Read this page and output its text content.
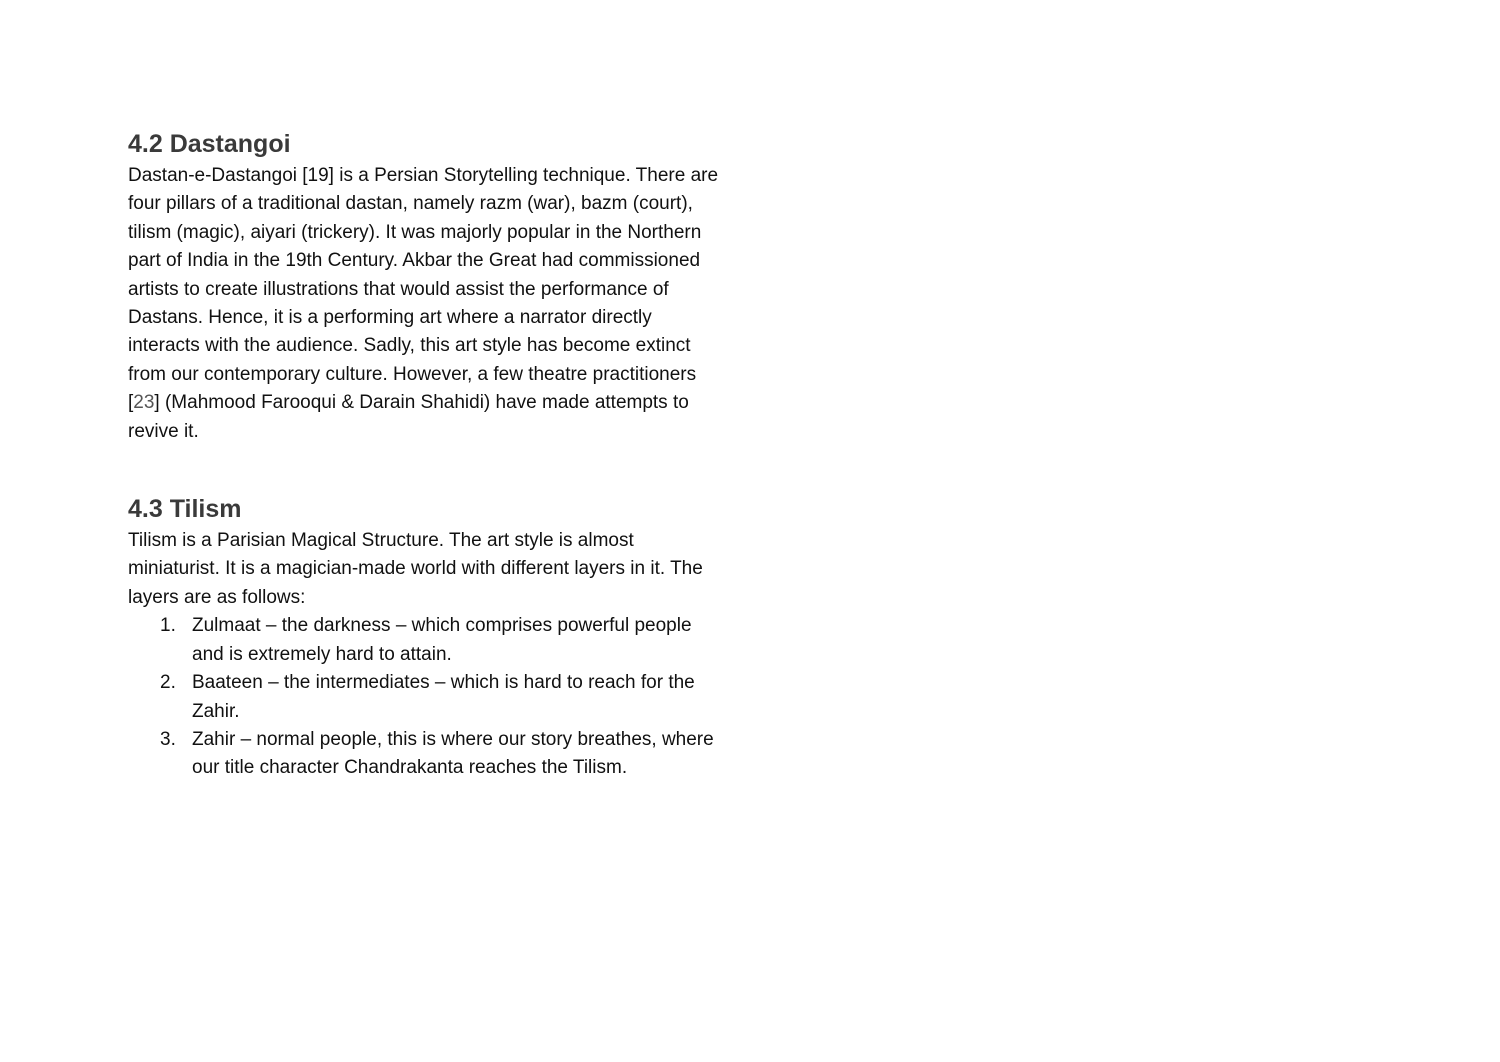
4.2 Dastangoi

Dastan-e-Dastangoi [19] is a Persian Storytelling technique. There are four pillars of a traditional dastan, namely razm (war), bazm (court), tilism (magic), aiyari (trickery). It was majorly popular in the Northern part of India in the 19th Century. Akbar the Great had commissioned artists to create illustrations that would assist the performance of Dastans. Hence, it is a performing art where a narrator directly interacts with the audience. Sadly, this art style has become extinct from our contemporary culture. However, a few theatre practitioners [23] (Mahmood Farooqui & Darain Shahidi) have made attempts to revive it.

4.3 Tilism

Tilism is a Parisian Magical Structure. The art style is almost miniaturist. It is a magician-made world with different layers in it. The layers are as follows:

1. Zulmaat – the darkness – which comprises powerful people and is extremely hard to attain.
2. Baateen – the intermediates – which is hard to reach for the Zahir.
3. Zahir – normal people, this is where our story breathes, where our title character Chandrakanta reaches the Tilism.
